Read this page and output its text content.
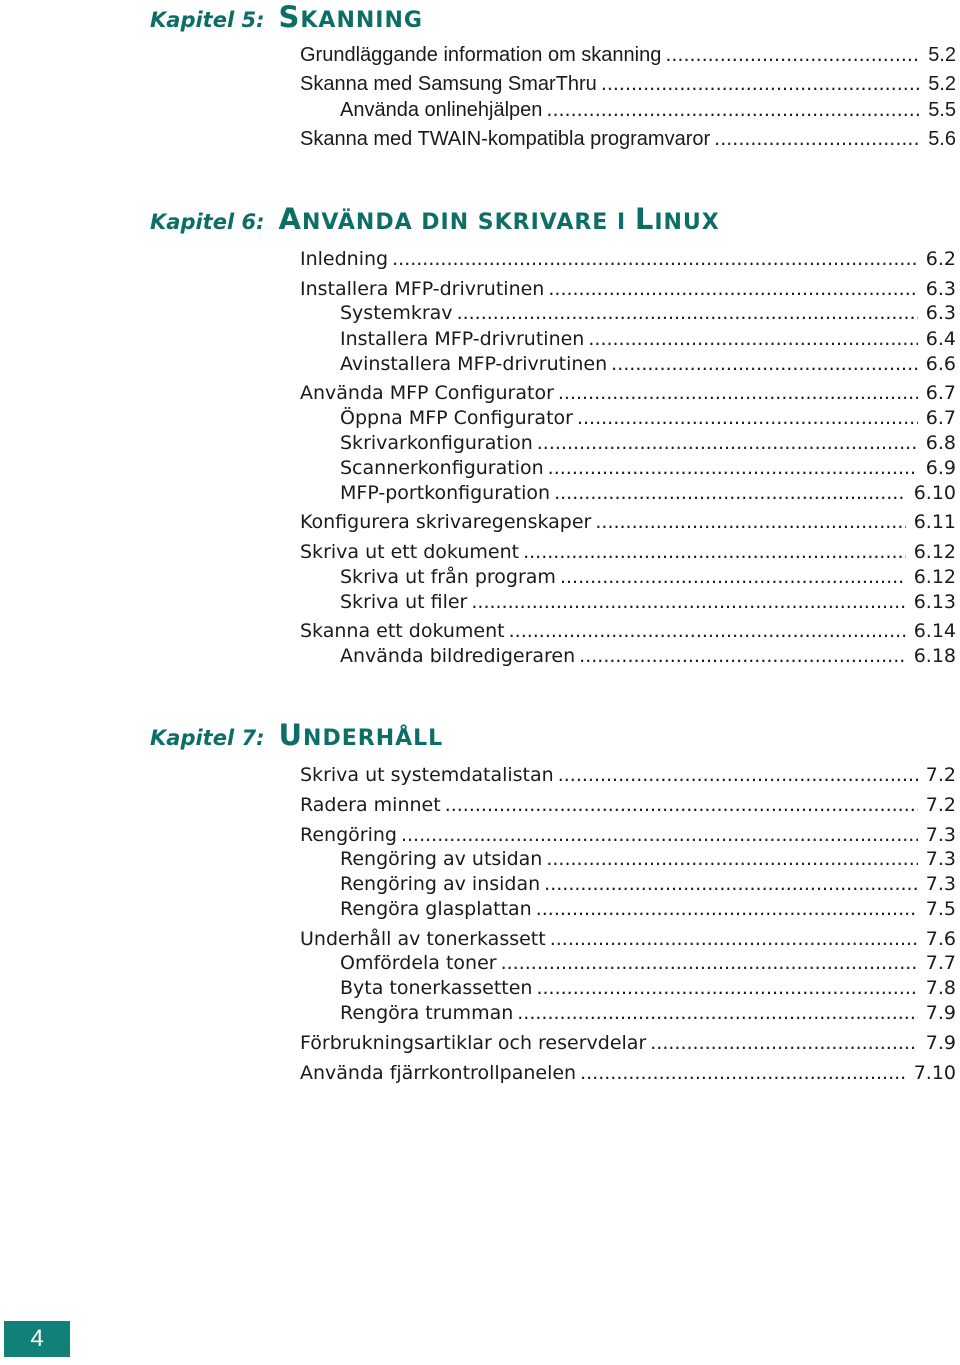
Kapitel 5: SKANNING
Kapitel 6: ANVÄNDA DIN SKRIVARE I LINUX
Kapitel 7: UNDERHÅLL
Grundläggande information om skanning .....	5.2
Skanna med Samsung SmarThru .....	5.2
Använda onlinehjälpen .....	5.5
Skanna med TWAIN-kompatibla programvaror .....	5.6
Inledning .....	6.2
Installera MFP-drivrutinen .....	6.3
Systemkrav .....	6.3
Installera MFP-drivrutinen .....	6.4
Avinstallera MFP-drivrutinen .....	6.6
Använda MFP Configurator .....	6.7
Öppna MFP Configurator .....	6.7
Skrivarkonfiguration .....	6.8
Scannerkonfiguration .....	6.9
MFP-portkonfiguration .....	6.10
Konfigurera skrivaregenskaper .....	6.11
Skriva ut ett dokument .....	6.12
Skriva ut från program .....	6.12
Skriva ut filer .....	6.13
Skanna ett dokument .....	6.14
Använda bildredigeraren .....	6.18
Skriva ut systemdatalistan .....	7.2
Radera minnet .....	7.2
Rengöring .....	7.3
Rengöring av utsidan .....	7.3
Rengöring av insidan .....	7.3
Rengöra glasplattan .....	7.5
Underhåll av tonerkassett .....	7.6
Omfördela toner .....	7.7
Byta tonerkassetten .....	7.8
Rengöra trumman .....	7.9
Förbrukningsartiklar och reservdelar .....	7.9
Använda fjärrkontrollpanelen .....	7.10
4
